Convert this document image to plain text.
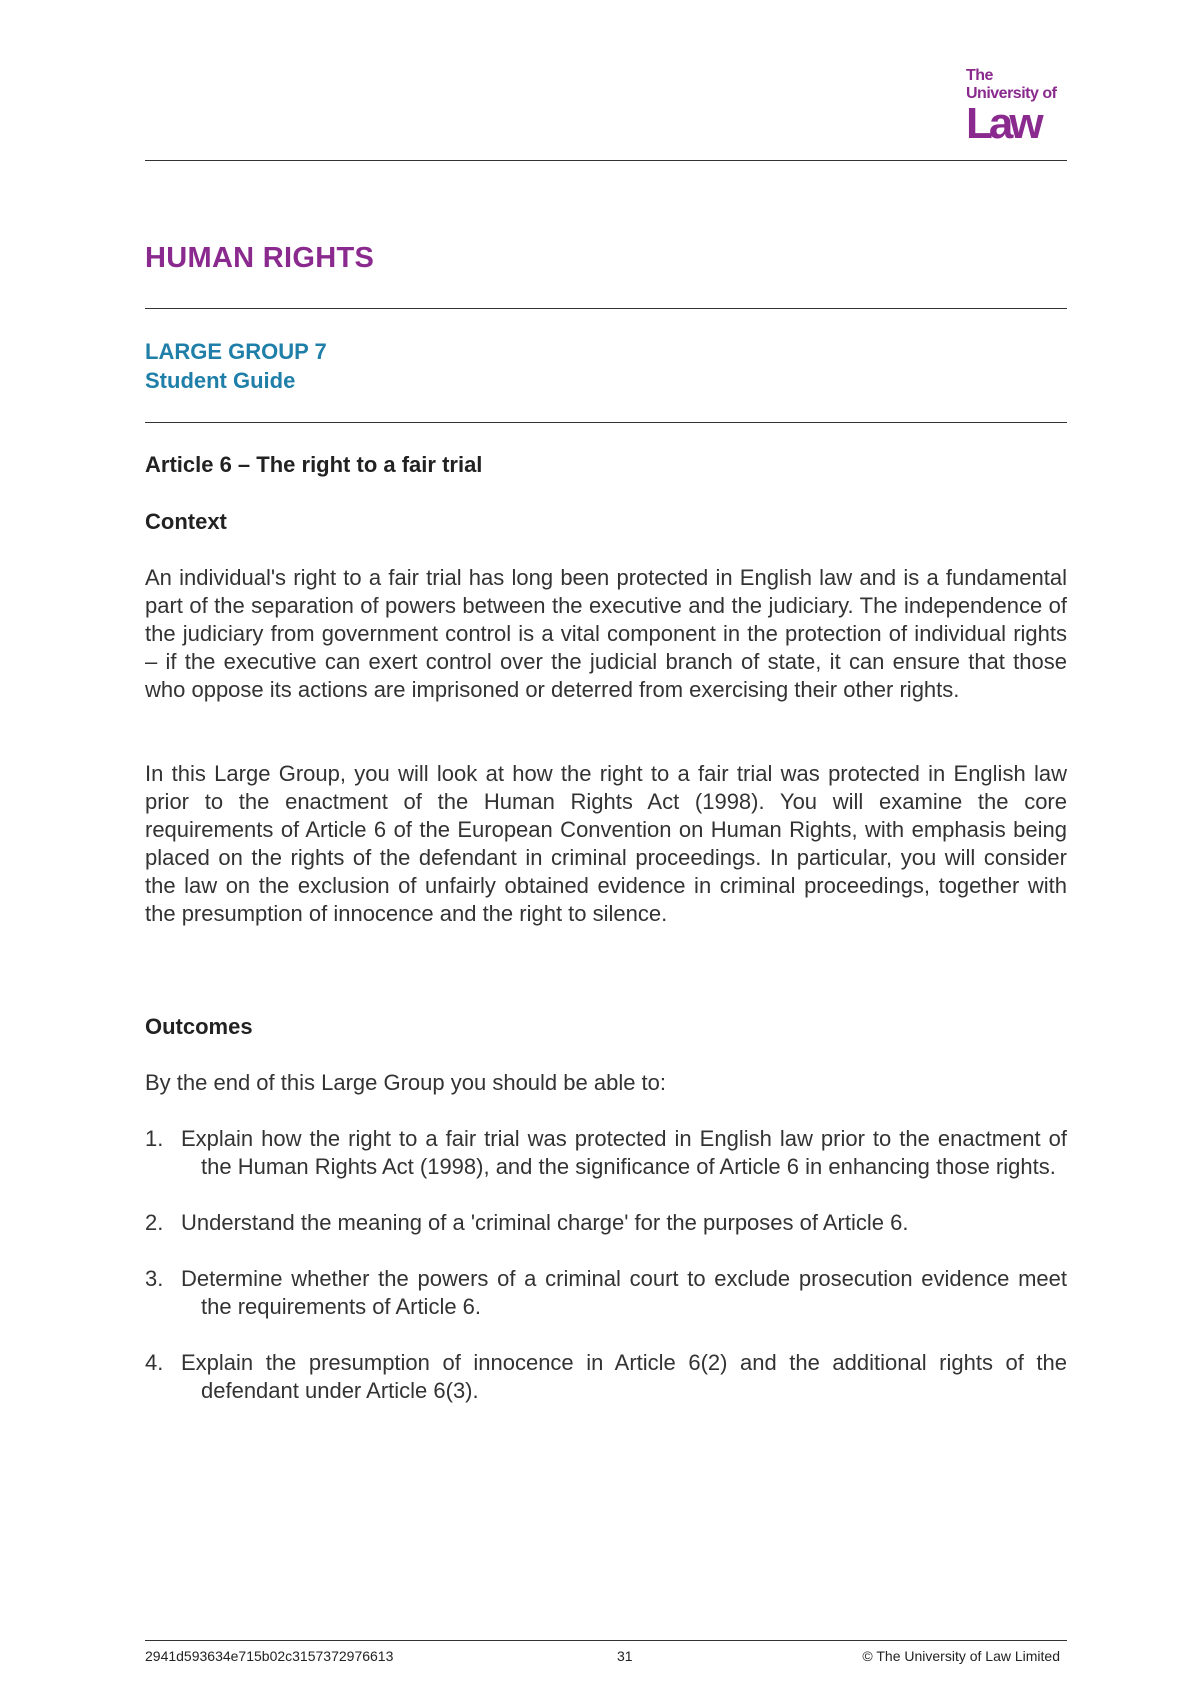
The
University of
Law
HUMAN RIGHTS
LARGE GROUP 7
Student Guide
Article 6 – The right to a fair trial
Context
An individual's right to a fair trial has long been protected in English law and is a fundamental part of the separation of powers between the executive and the judiciary. The independence of the judiciary from government control is a vital component in the protection of individual rights – if the executive can exert control over the judicial branch of state, it can ensure that those who oppose its actions are imprisoned or deterred from exercising their other rights.
In this Large Group, you will look at how the right to a fair trial was protected in English law prior to the enactment of the Human Rights Act (1998). You will examine the core requirements of Article 6 of the European Convention on Human Rights, with emphasis being placed on the rights of the defendant in criminal proceedings. In particular, you will consider the law on the exclusion of unfairly obtained evidence in criminal proceedings, together with the presumption of innocence and the right to silence.
Outcomes
By the end of this Large Group you should be able to:
1. Explain how the right to a fair trial was protected in English law prior to the enactment of the Human Rights Act (1998), and the significance of Article 6 in enhancing those rights.
2. Understand the meaning of a 'criminal charge' for the purposes of Article 6.
3. Determine whether the powers of a criminal court to exclude prosecution evidence meet the requirements of Article 6.
4. Explain the presumption of innocence in Article 6(2) and the additional rights of the defendant under Article 6(3).
2941d593634e715b02c3157372976613	31	© The University of Law Limited
